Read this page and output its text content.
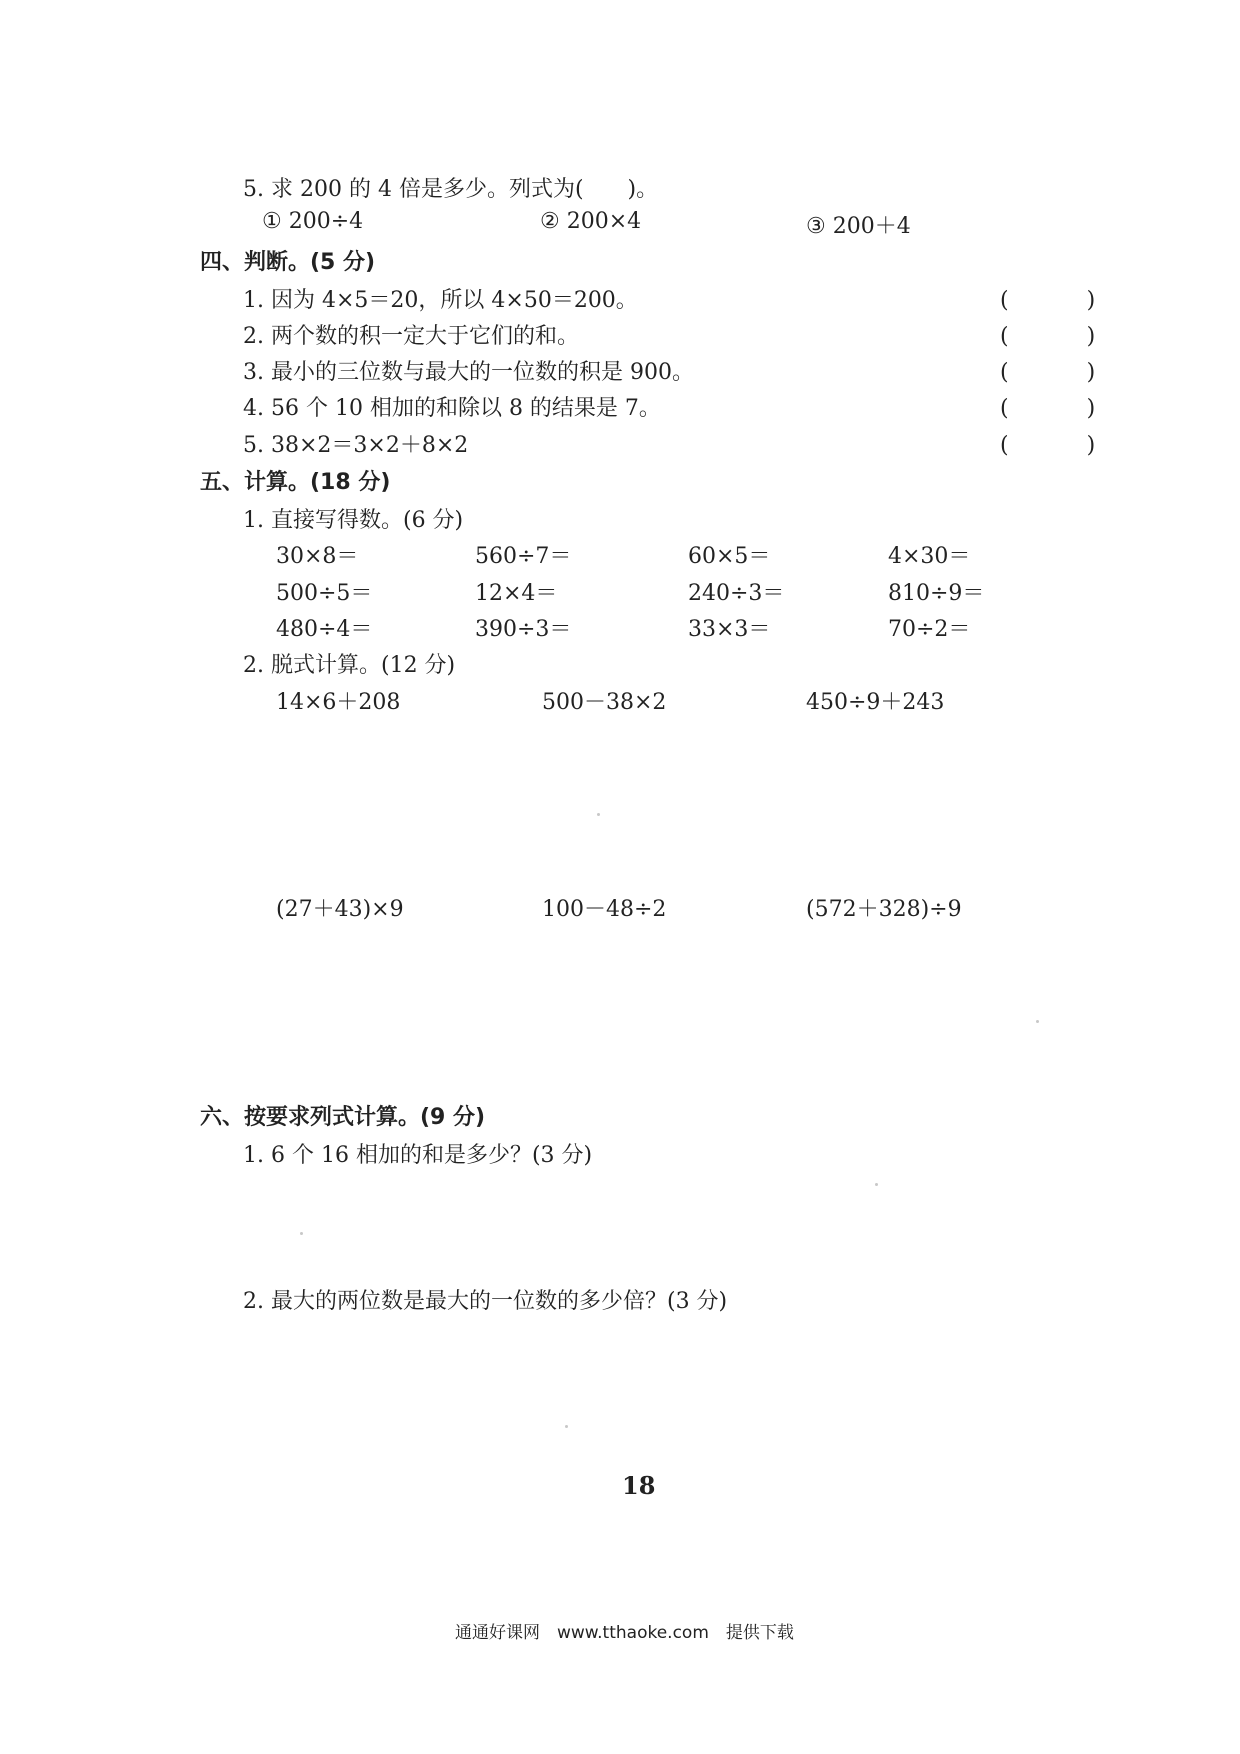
5. 求 200 的 4 倍是多少。列式为(　　)。
① 200÷4	② 200×4	③ 200＋4
四、判断。(5 分)
1. 因为 4×5＝20，所以 4×50＝200。	(　)
2. 两个数的积一定大于它们的和。	(　)
3. 最小的三位数与最大的一位数的积是 900。	(　)
4. 56 个 10 相加的和除以 8 的结果是 7。	(　)
5. 38×2＝3×2＋8×2	(　)
五、计算。(18 分)
1. 直接写得数。(6 分)
30×8＝	560÷7＝	60×5＝	4×30＝
500÷5＝	12×4＝	240÷3＝	810÷9＝
480÷4＝	390÷3＝	33×3＝	70÷2＝
2. 脱式计算。(12 分)
14×6＋208	500－38×2	450÷9＋243
(27＋43)×9	100－48÷2	(572＋328)÷9
六、按要求列式计算。(9 分)
1. 6 个 16 相加的和是多少？(3 分)
2. 最大的两位数是最大的一位数的多少倍？(3 分)
18
通通好课网　www.tthaoke.com　提供下载
